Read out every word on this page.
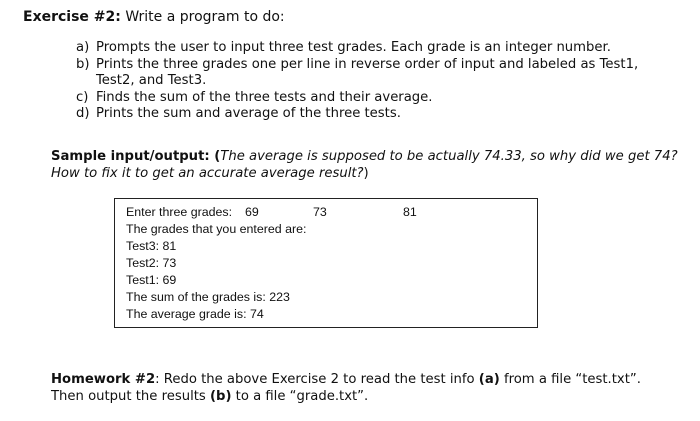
Exercise #2: Write a program to do:
a) Prompts the user to input three test grades. Each grade is an integer number.
b) Prints the three grades one per line in reverse order of input and labeled as Test1, Test2, and Test3.
c) Finds the sum of the three tests and their average.
d) Prints the sum and average of the three tests.
Sample input/output: (The average is supposed to be actually 74.33, so why did we get 74? How to fix it to get an accurate average result?)
Enter three grades: 69	73	81
The grades that you entered are:
Test3: 81
Test2: 73
Test1: 69
The sum of the grades is: 223
The average grade is: 74
Homework #2: Redo the above Exercise 2 to read the test info (a) from a file “test.txt”. Then output the results (b) to a file “grade.txt”.
